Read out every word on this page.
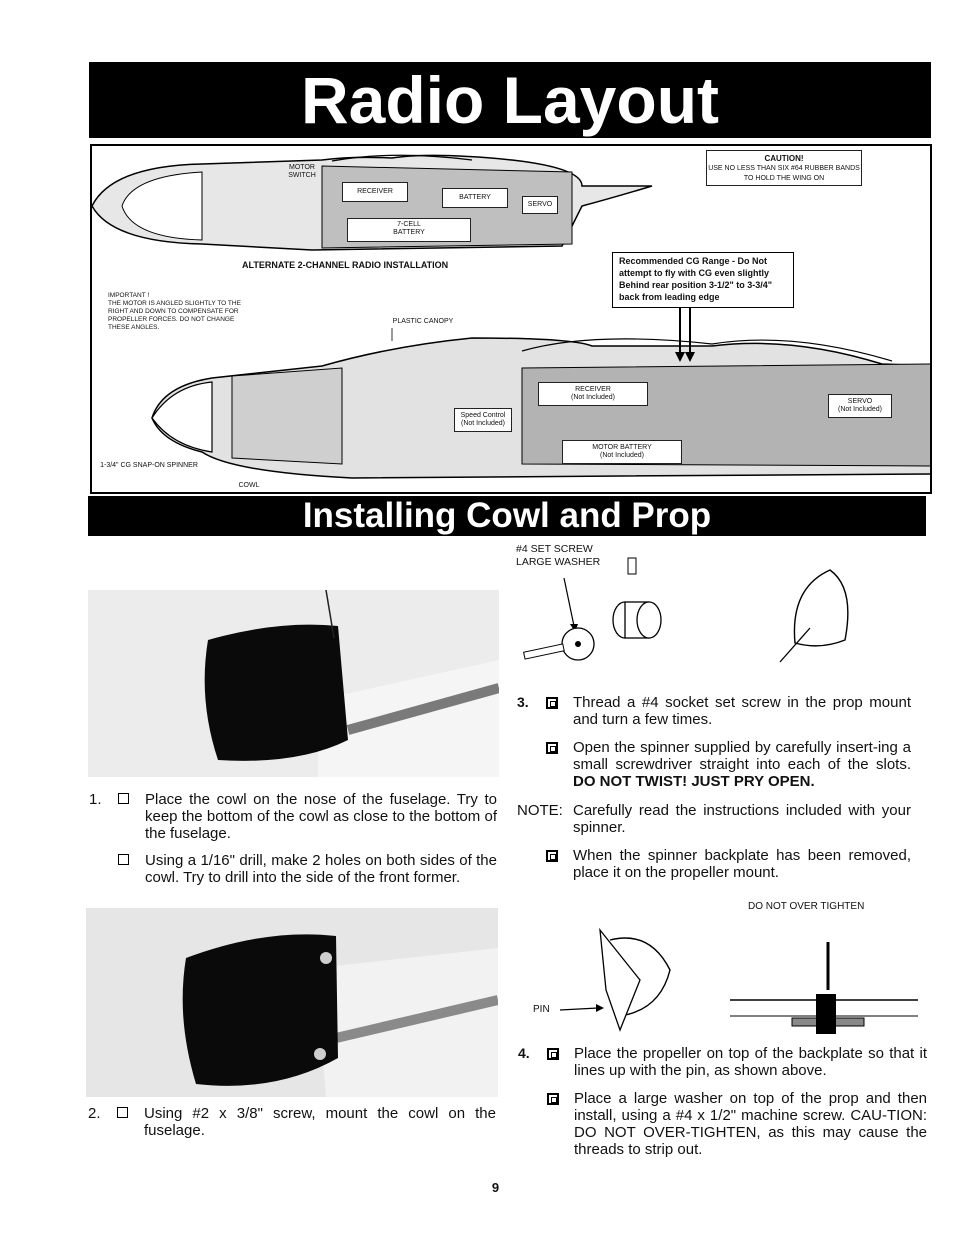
Radio Layout
MOTOR
SWITCH
RECEIVER
BATTERY
SERVO
7-CELL
BATTERY
ALTERNATE 2-CHANNEL RADIO INSTALLATION
CAUTION!
USE NO LESS THAN SIX #64 RUBBER BANDS
TO HOLD THE WING ON
Recommended CG Range - Do Not attempt to fly with CG even slightly Behind rear position 3-1/2" to 3-3/4" back from leading edge
IMPORTANT !
THE MOTOR IS ANGLED SLIGHTLY TO THE
RIGHT AND DOWN TO COMPENSATE FOR
PROPELLER FORCES. DO NOT CHANGE
THESE ANGLES.
PLASTIC CANOPY
Speed Control
(Not Included)
RECEIVER
(Not Included)
SERVO
(Not Included)
MOTOR BATTERY
(Not Included)
1-3/4" CG SNAP-ON SPINNER
COWL
Installing Cowl and Prop
1.	Place the cowl on the nose of the fuselage. Try to keep the bottom of the cowl as close to the bottom of the fuselage.
Using a 1/16" drill, make 2 holes on both sides of the cowl. Try to drill into the side of the front former.
2.	Using #2 x 3/8" screw, mount the cowl on the fuselage.
#4 SET SCREW
LARGE WASHER
3.	Thread a #4 socket set screw in the prop mount and turn a few times.
Open the spinner supplied by carefully insert-ing a small screwdriver straight into each of the slots. DO NOT TWIST! JUST PRY OPEN.
NOTE: Carefully read the instructions included with your spinner.
When the spinner backplate has been removed, place it on the propeller mount.
DO NOT OVER TIGHTEN
PIN
4.	Place the propeller on top of the backplate so that it lines up with the pin, as shown above.
Place a large washer on top of the prop and then install, using a #4 x 1/2" machine screw. CAU-TION: DO NOT OVER-TIGHTEN, as this may cause the threads to strip out.
9
